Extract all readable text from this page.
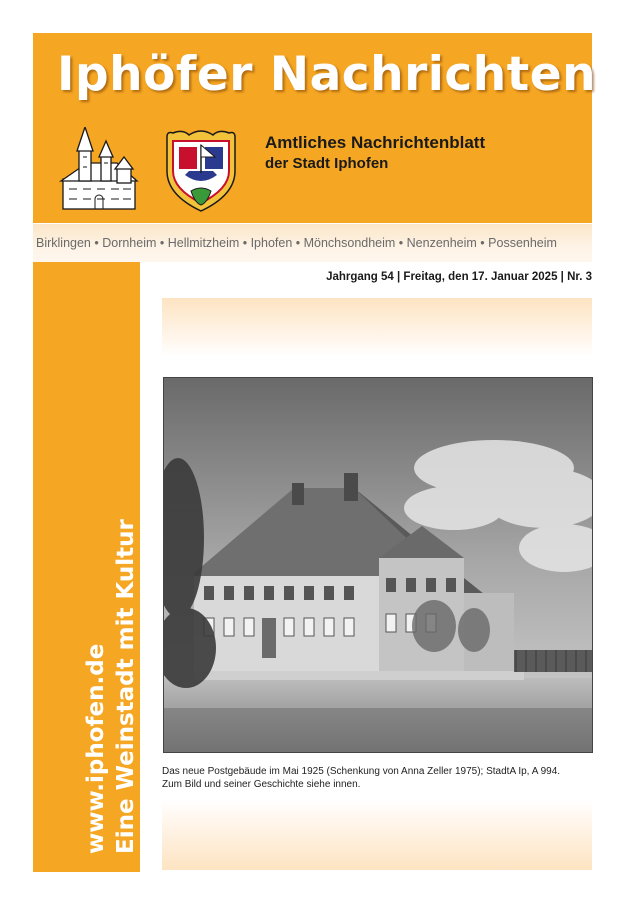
Iphöfer Nachrichten
Amtliches Nachrichtenblatt
der Stadt Iphofen
Birklingen • Dornheim • Hellmitzheim • Iphofen • Mönchsondheim • Nenzenheim • Possenheim
www.iphofen.de Eine Weinstadt mit Kultur
Jahrgang 54 | Freitag, den 17. Januar 2025 | Nr. 3
Das neue Postgebäude im Mai 1925 (Schenkung von Anna Zeller 1975); StadtA Ip, A 994.
Zum Bild und seiner Geschichte siehe innen.
